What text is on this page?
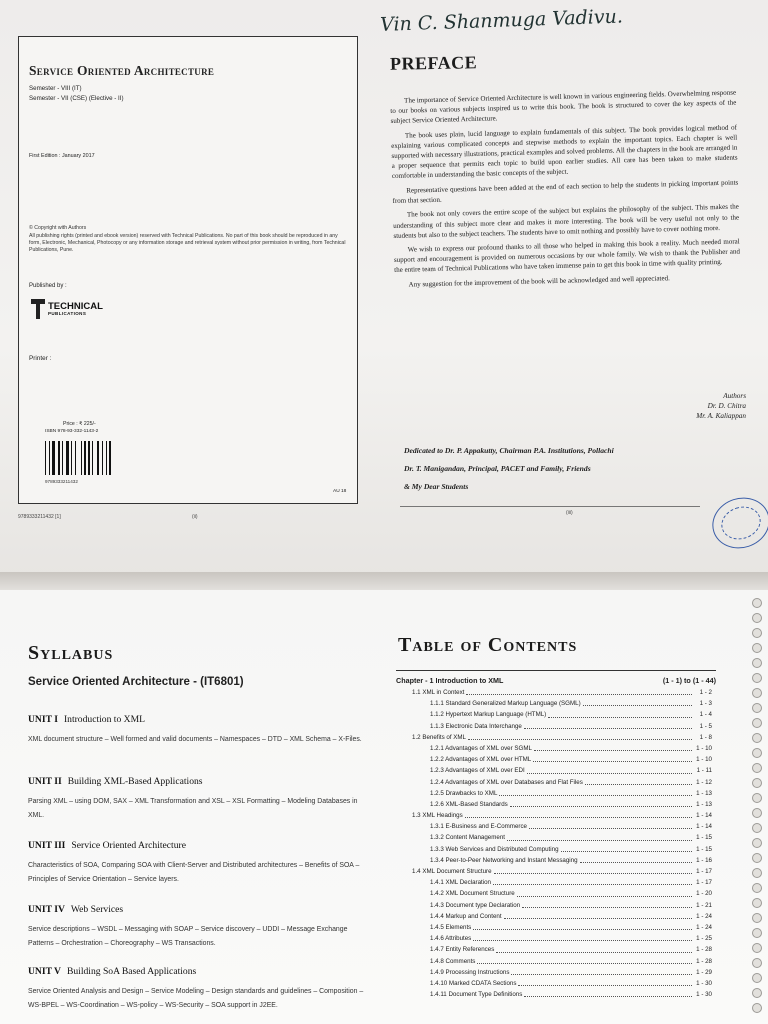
Service Oriented Architecture
Semester - VIII (IT)
Semester - VII (CSE) (Elective - II)
First Edition : January 2017
© Copyright with Authors
All publishing rights (printed and ebook version) reserved with Technical Publications. No part of this book should be reproduced in any form, Electronic, Mechanical, Photocopy or any information storage and retrieval system without prior permission in writing, from Technical Publications, Pune.
Published by :
TECHNICAL
PUBLICATIONS
Printer :
Price : ₹ 225/-
ISBN 978-93-332-1143-2
9789333211432
AU 18
9789333211432 [1]	(ii)
Vin C. Shanmuga Vadivu.
PREFACE

The importance of Service Oriented Architecture is well known in various engineering fields. Overwhelming response to our books on various subjects inspired us to write this book. The book is structured to cover the key aspects of the subject Service Oriented Architecture.

The book uses plain, lucid language to explain fundamentals of this subject. The book provides logical method of explaining various complicated concepts and stepwise methods to explain the important topics. Each chapter is well supported with necessary illustrations, practical examples and solved problems. All the chapters in the book are arranged in a proper sequence that permits each topic to build upon earlier studies. All care has been taken to make students comfortable in understanding the basic concepts of the subject.

Representative questions have been added at the end of each section to help the students in picking important points from that section.

The book not only covers the entire scope of the subject but explains the philosophy of the subject. This makes the understanding of this subject more clear and makes it more interesting. The book will be very useful not only to the students but also to the subject teachers. The students have to omit nothing and possibly have to cover nothing more.

We wish to express our profound thanks to all those who helped in making this book a reality. Much needed moral support and encouragement is provided on numerous occasions by our whole family. We wish to thank the Publisher and the entire team of Technical Publications who have taken immense pain to get this book in time with quality printing.

Any suggestion for the improvement of the book will be acknowledged and well appreciated.

Authors
Dr. D. Chitra
Mr. A. Kaliappan
Dedicated to Dr. P. Appakutty, Chairman P.A. Institutions, Pollachi
Dr. T. Manigandan, Principal, PACET and Family, Friends
& My Dear Students
(iii)
Syllabus
Service Oriented Architecture - (IT6801)
UNIT I Introduction to XML
XML document structure – Well formed and valid documents – Namespaces – DTD – XML Schema – X-Files.
UNIT II Building XML-Based Applications
Parsing XML – using DOM, SAX – XML Transformation and XSL – XSL Formatting – Modeling Databases in XML.
UNIT III Service Oriented Architecture
Characteristics of SOA, Comparing SOA with Client-Server and Distributed architectures – Benefits of SOA – Principles of Service Orientation – Service layers.
UNIT IV Web Services
Service descriptions – WSDL – Messaging with SOAP – Service discovery – UDDI – Message Exchange Patterns – Orchestration – Choreography – WS Transactions.
UNIT V Building SoA Based Applications
Service Oriented Analysis and Design – Service Modeling – Design standards and guidelines – Composition – WS-BPEL – WS-Coordination – WS-policy – WS-Security – SOA support in J2EE.
Table of Contents
Chapter - 1 Introduction to XML	(1 - 1) to (1 - 44)
1.1 XML in Context	1 - 2
1.1.1 Standard Generalized Markup Language (SGML)	1 - 3
1.1.2 Hypertext Markup Language (HTML)	1 - 4
1.1.3 Electronic Data Interchange	1 - 5
1.2 Benefits of XML	1 - 8
1.2.1 Advantages of XML over SGML	1 - 10
1.2.2 Advantages of XML over HTML	1 - 10
1.2.3 Advantages of XML over EDI	1 - 11
1.2.4 Advantages of XML over Databases and Flat Files	1 - 12
1.2.5 Drawbacks to XML	1 - 13
1.2.6 XML-Based Standards	1 - 13
1.3 XML Headings	1 - 14
1.3.1 E-Business and E-Commerce	1 - 14
1.3.2 Content Management	1 - 15
1.3.3 Web Services and Distributed Computing	1 - 15
1.3.4 Peer-to-Peer Networking and Instant Messaging	1 - 16
1.4 XML Document Structure	1 - 17
1.4.1 XML Declaration	1 - 17
1.4.2 XML Document Structure	1 - 20
1.4.3 Document type Declaration	1 - 21
1.4.4 Markup and Content	1 - 24
1.4.5 Elements	1 - 24
1.4.6 Attributes	1 - 25
1.4.7 Entity References	1 - 28
1.4.8 Comments	1 - 28
1.4.9 Processing Instructions	1 - 29
1.4.10 Marked CDATA Sections	1 - 30
1.4.11 Document Type Definitions	1 - 30
